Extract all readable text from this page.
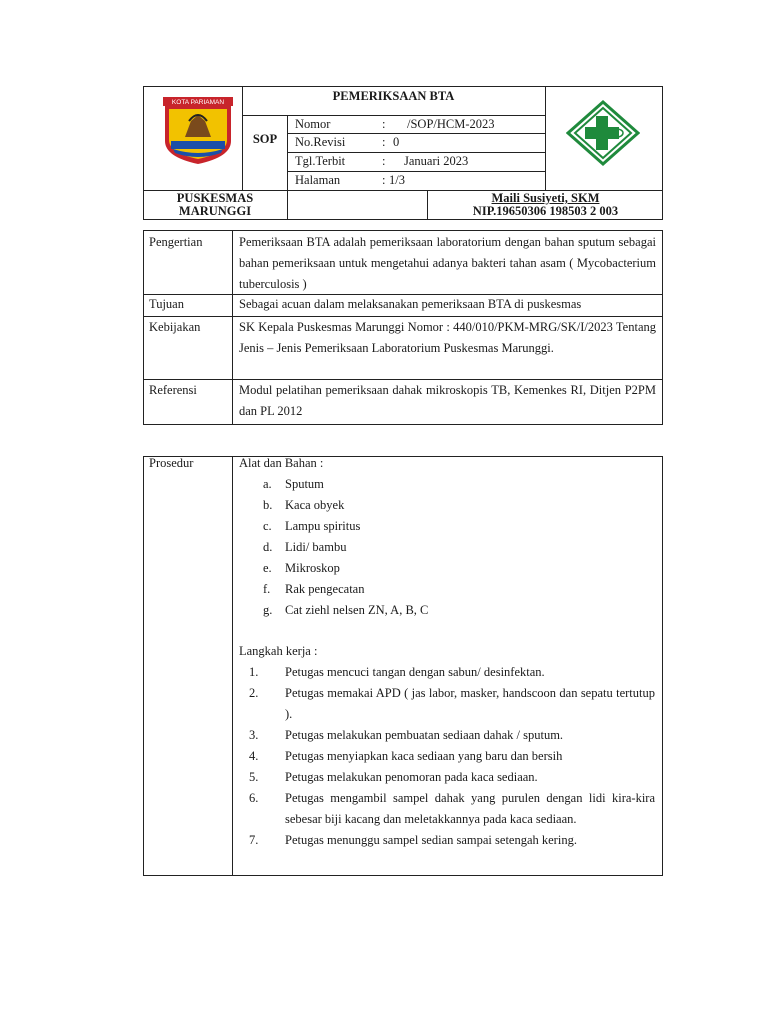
KOTA PARIAMAN	PEMERIKSAAN BTA
SOP
Nomor	: /SOP/HCM-2023
No.Revisi	: 0
Tgl.Terbit	: Januari 2023
Halaman	: 1/3
PUSKESMAS
MARUNGGI
Maili Susiyeti, SKM
NIP.19650306 198503 2 003
Pengertian	Pemeriksaan BTA adalah pemeriksaan laboratorium dengan bahan sputum sebagai bahan pemeriksaan untuk mengetahui adanya bakteri tahan asam ( Mycobacterium tuberculosis )
Tujuan	Sebagai acuan dalam melaksanakan pemeriksaan BTA di puskesmas
Kebijakan	SK Kepala Puskesmas Marunggi Nomor : 440/010/PKM-MRG/SK/I/2023 Tentang Jenis – Jenis Pemeriksaan Laboratorium Puskesmas Marunggi.
Referensi	Modul pelatihan pemeriksaan dahak mikroskopis TB, Kemenkes RI, Ditjen P2PM dan PL 2012
Prosedur	Alat dan Bahan :
a.	Sputum
b.	Kaca obyek
c.	Lampu spiritus
d.	Lidi/ bambu
e.	Mikroskop
f.	Rak pengecatan
g.	Cat ziehl nelsen ZN, A, B, C
Langkah kerja :
1.	Petugas mencuci tangan dengan sabun/ desinfektan.
2.	Petugas memakai APD ( jas labor, masker, handscoon dan sepatu tertutup ).
3.	Petugas melakukan pembuatan sediaan dahak / sputum.
4.	Petugas menyiapkan kaca sediaan yang baru dan bersih
5.	Petugas melakukan penomoran pada kaca sediaan.
6.	Petugas mengambil sampel dahak yang purulen dengan lidi kira-kira sebesar biji kacang dan meletakkannya pada kaca sediaan.
7.	Petugas menunggu sampel sedian sampai setengah kering.
